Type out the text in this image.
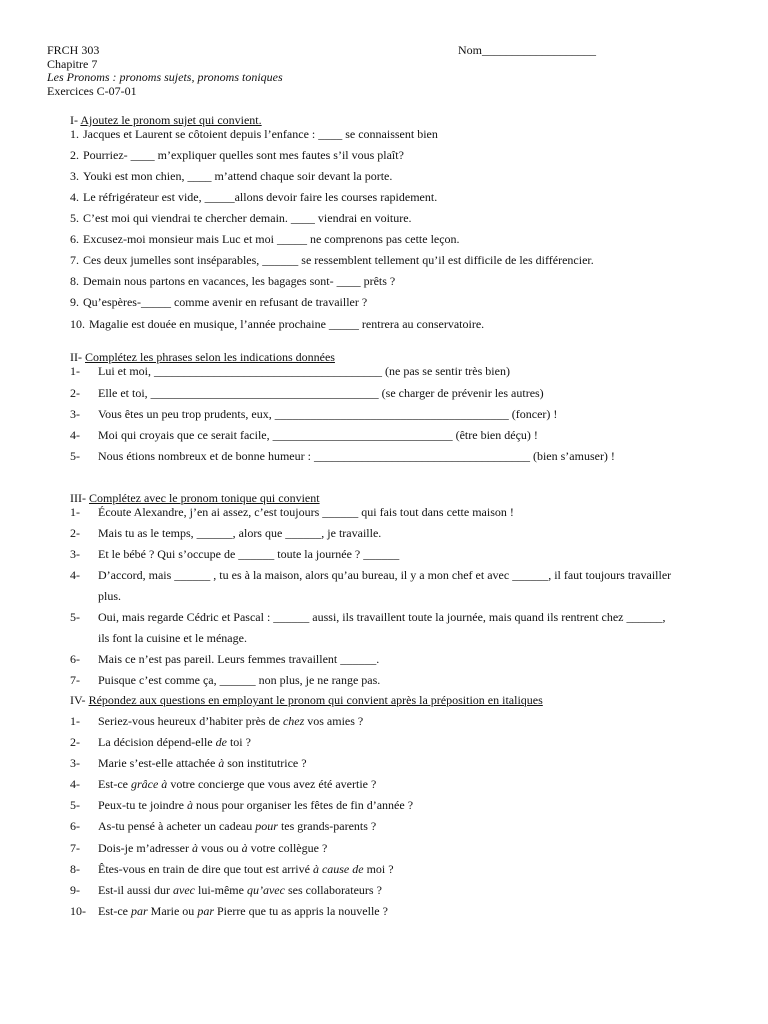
FRCH 303
Chapitre 7
Les Pronoms : pronoms sujets, pronoms toniques
Exercices C-07-01
Nom___________________
I- Ajoutez le pronom sujet qui convient.
1. Jacques et Laurent se côtoient depuis l’enfance : ____ se connaissent bien
2. Pourriez- ____ m’expliquer quelles sont mes fautes s’il vous plaît?
3. Youki est mon chien, ____ m’attend chaque soir devant la porte.
4. Le réfrigérateur est vide, _____allons devoir faire les courses rapidement.
5. C’est moi qui viendrai te chercher demain. ____ viendrai en voiture.
6. Excusez-moi monsieur mais Luc et moi _____ ne comprenons pas cette leçon.
7. Ces deux jumelles sont inséparables, ______ se ressemblent tellement qu’il est difficile de les différencier.
8. Demain nous partons en vacances, les bagages sont- ____ prêts ?
9. Qu’espères-_____ comme avenir en refusant de travailler ?
10. Magalie est douée en musique, l’année prochaine _____ rentrera au conservatoire.
II- Complétez les phrases selon les indications données
1- Lui et moi, ______________________________________ (ne pas se sentir très bien)
2- Elle et toi, ______________________________________ (se charger de prévenir les autres)
3- Vous êtes un peu trop prudents, eux, _______________________________________ (foncer) !
4- Moi qui croyais que ce serait facile, ______________________________ (être bien déçu) !
5- Nous étions nombreux et de bonne humeur : ____________________________________ (bien s’amuser) !
III- Complétez avec le pronom tonique qui convient
1- Écoute Alexandre, j’en ai assez, c’est toujours ______ qui fais tout dans cette maison !
2- Mais tu as le temps, ______, alors que ______, je travaille.
3- Et le bébé ? Qui s’occupe de ______ toute la journée ? ______
4- D’accord, mais ______ , tu es à la maison, alors qu’au bureau, il y a mon chef et avec ______, il faut toujours travailler
plus.
5- Oui, mais regarde Cédric et Pascal : ______ aussi, ils travaillent toute la journée, mais quand ils rentrent chez ______,
ils font la cuisine et le ménage.
6- Mais ce n’est pas pareil. Leurs femmes travaillent ______.
7- Puisque c’est comme ça, ______ non plus, je ne range pas.
IV- Répondez aux questions en employant le pronom qui convient après la préposition en italiques
1- Seriez-vous heureux d’habiter près de chez vos amies ?
2- La décision dépend-elle de toi ?
3- Marie s’est-elle attachée à son institutrice ?
4- Est-ce grâce à votre concierge que vous avez été avertie ?
5- Peux-tu te joindre à nous pour organiser les fêtes de fin d’année ?
6- As-tu pensé à acheter un cadeau pour tes grands-parents ?
7- Dois-je m’adresser à vous ou à votre collègue ?
8- Êtes-vous en train de dire que tout est arrivé à cause de moi ?
9- Est-il aussi dur avec lui-même qu’avec ses collaborateurs ?
10- Est-ce par Marie ou par Pierre que tu as appris la nouvelle ?
